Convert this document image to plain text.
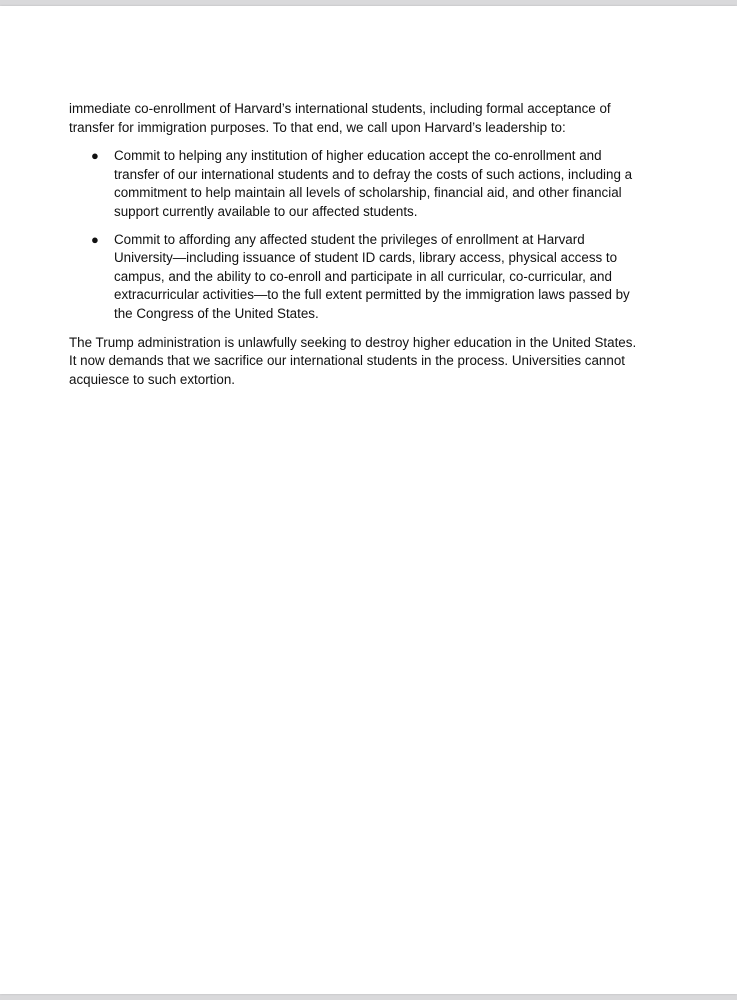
immediate co-enrollment of Harvard’s international students, including formal acceptance of
transfer for immigration purposes. To that end, we call upon Harvard’s leadership to:

● Commit to helping any institution of higher education accept the co-enrollment and
transfer of our international students and to defray the costs of such actions, including a
commitment to help maintain all levels of scholarship, financial aid, and other financial
support currently available to our affected students.
● Commit to affording any affected student the privileges of enrollment at Harvard
University—including issuance of student ID cards, library access, physical access to
campus, and the ability to co-enroll and participate in all curricular, co-curricular, and
extracurricular activities—to the full extent permitted by the immigration laws passed by
the Congress of the United States.

The Trump administration is unlawfully seeking to destroy higher education in the United States.
It now demands that we sacrifice our international students in the process. Universities cannot
acquiesce to such extortion.
